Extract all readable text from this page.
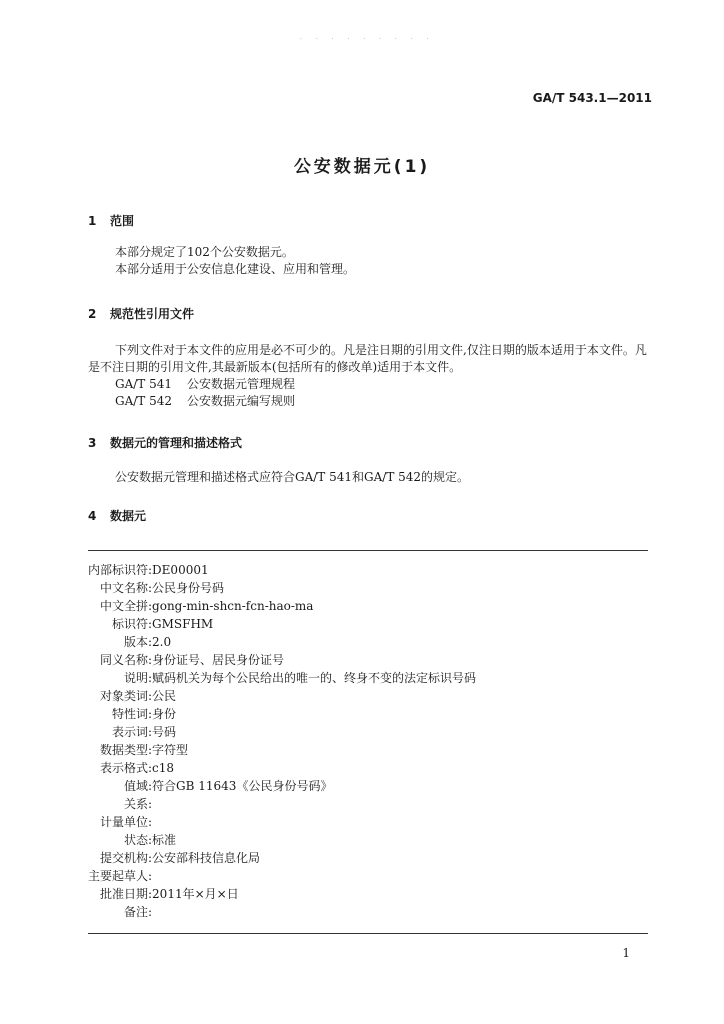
· · · · · · · · ·
GA/T 543.1—2011
公安数据元(1)
1 范围

本部分规定了102个公安数据元。

本部分适用于公安信息化建设、应用和管理。

2 规范性引用文件

下列文件对于本文件的应用是必不可少的。凡是注日期的引用文件,仅注日期的版本适用于本文件。凡是不注日期的引用文件,其最新版本(包括所有的修改单)适用于本文件。

GA/T 541 公安数据元管理规程

GA/T 542 公安数据元编写规则

3 数据元的管理和描述格式

公安数据元管理和描述格式应符合GA/T 541和GA/T 542的规定。

4 数据元
内部标识符:DE00001
中文名称:公民身份号码
中文全拼:gong-min-shcn-fcn-hao-ma
标识符:GMSFHM
版本:2.0
同义名称:身份证号、居民身份证号
说明:赋码机关为每个公民给出的唯一的、终身不变的法定标识号码
对象类词:公民
特性词:身份
表示词:号码
数据类型:字符型
表示格式:c18
值域:符合GB 11643《公民身份号码》
关系:
计量单位:
状态:标准
提交机构:公安部科技信息化局
主要起草人:
批准日期:2011年×月×日
备注:
1
